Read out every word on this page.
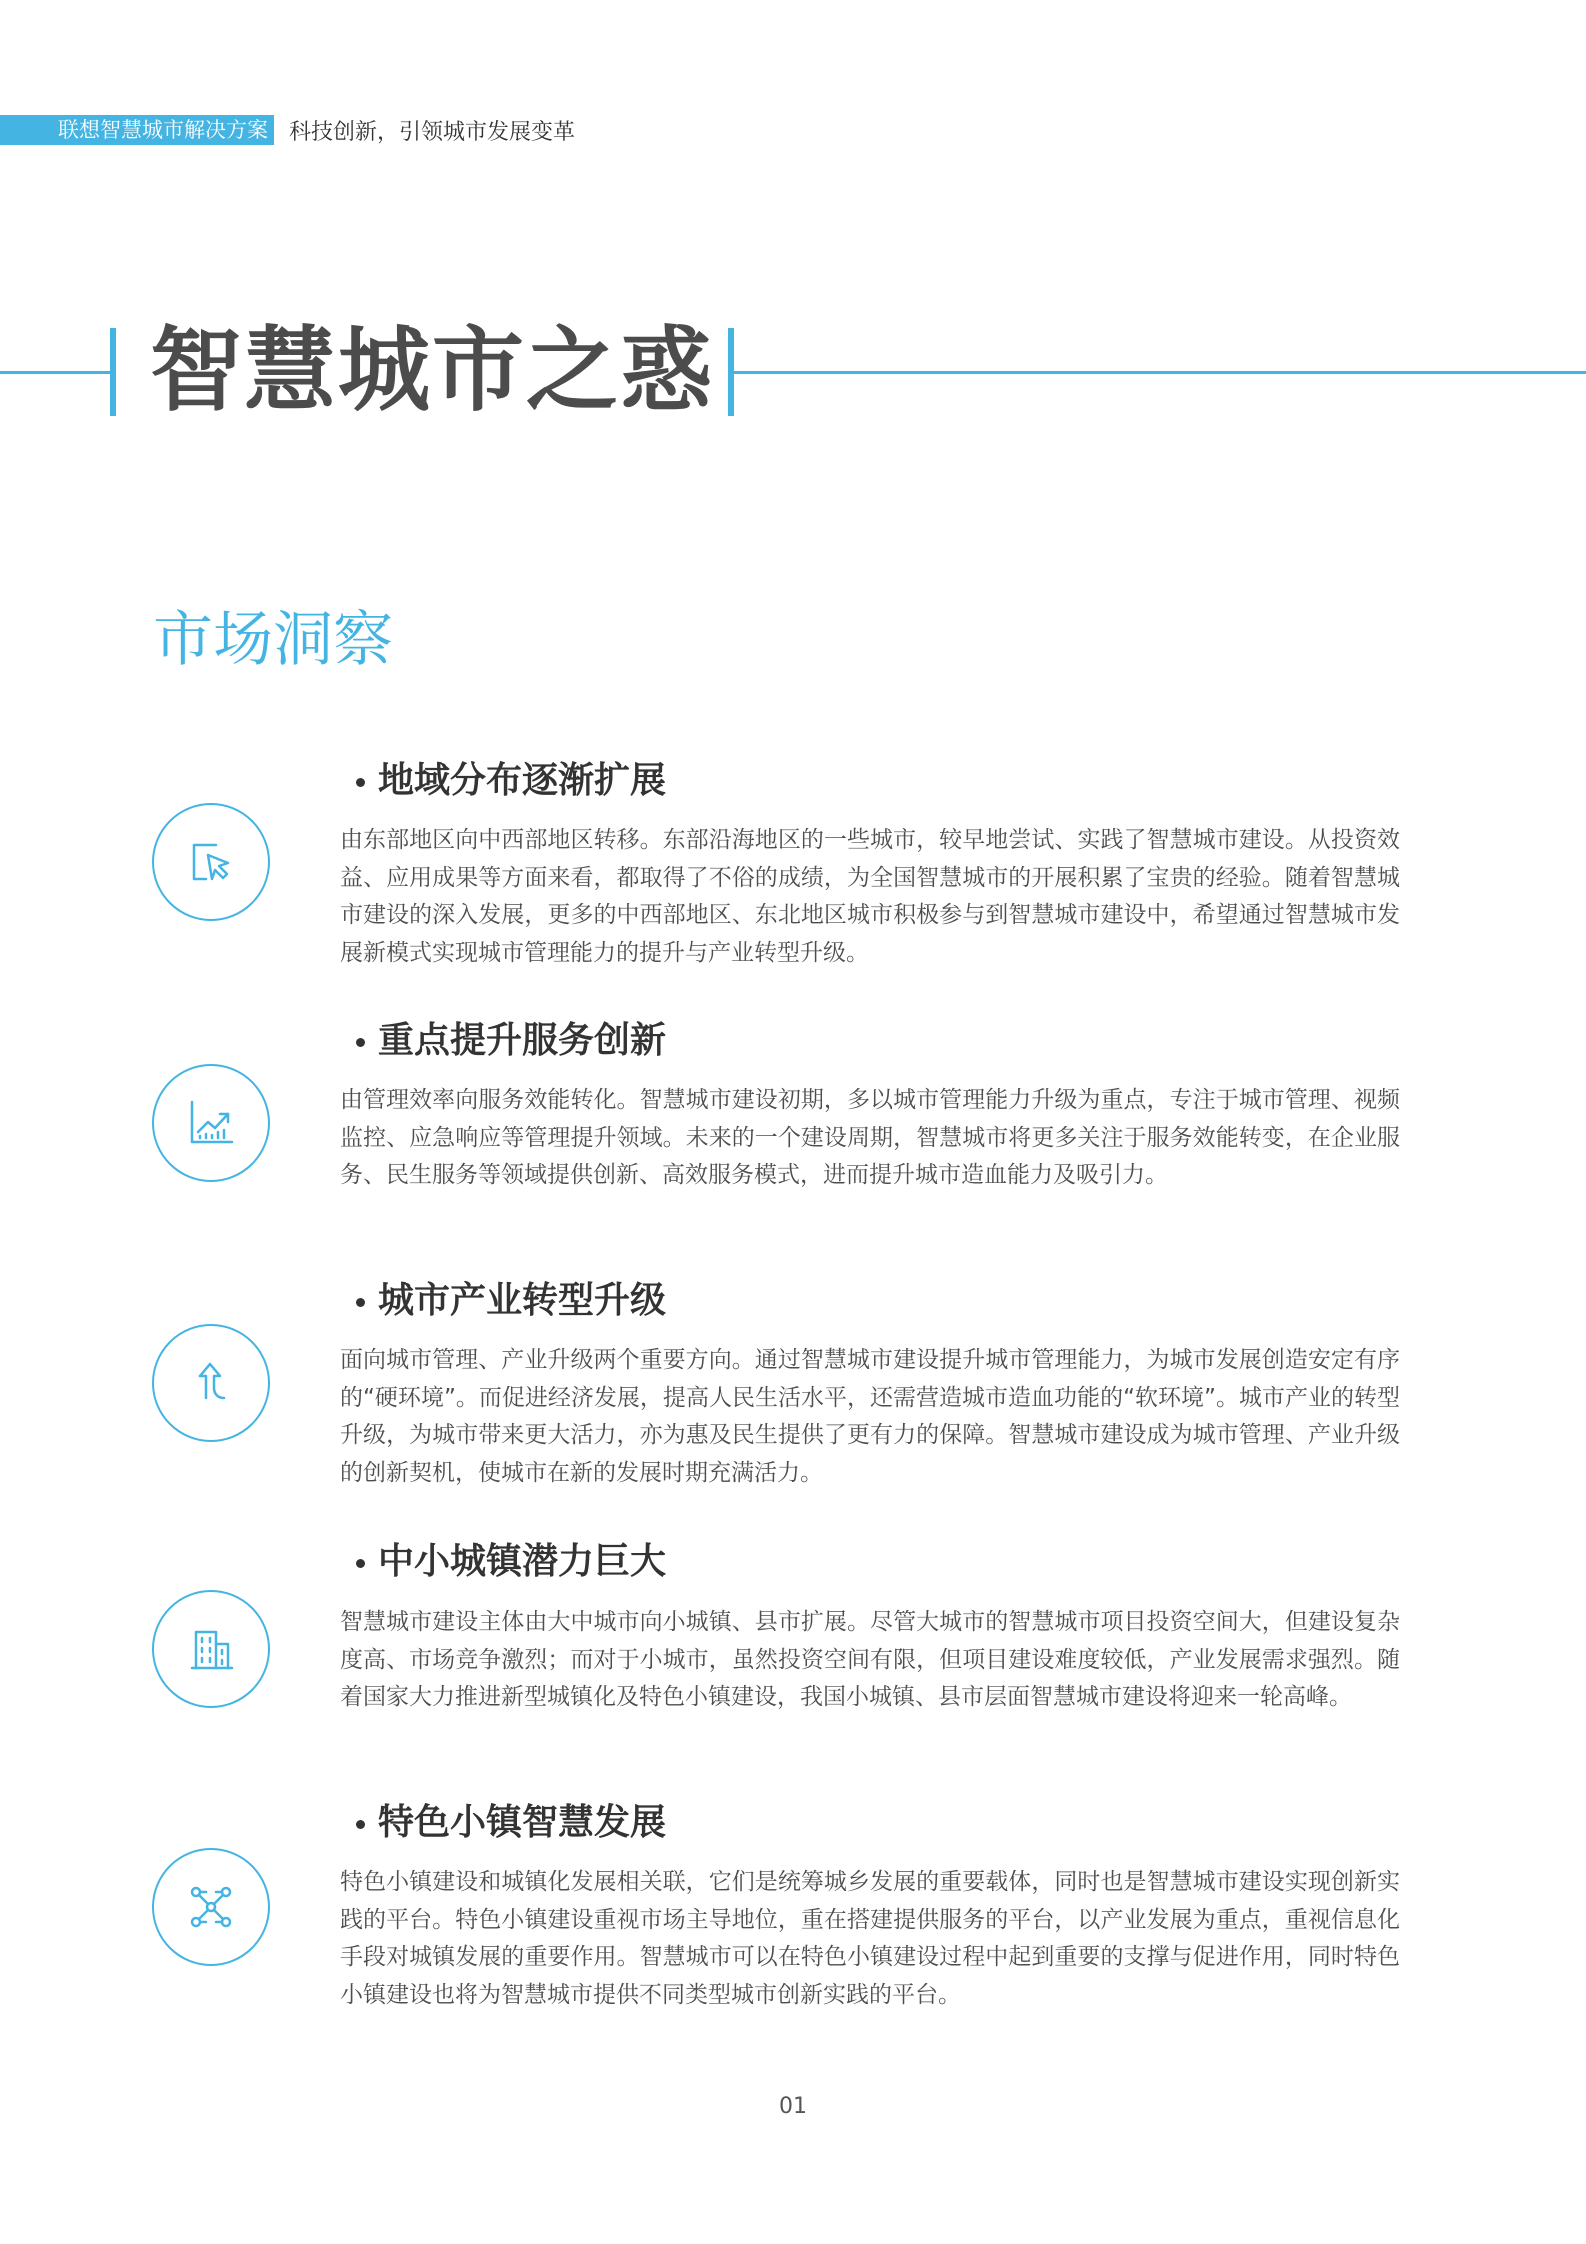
联想智慧城市解决方案 科技创新，引领城市发展变革
智慧城市之惑
市场洞察
地域分布逐渐扩展

由东部地区向中西部地区转移。东部沿海地区的一些城市，较早地尝试、实践了智慧城市建设。从投资效益、应用成果等方面来看，都取得了不俗的成绩，为全国智慧城市的开展积累了宝贵的经验。随着智慧城市建设的深入发展，更多的中西部地区、东北地区城市积极参与到智慧城市建设中，希望通过智慧城市发展新模式实现城市管理能力的提升与产业转型升级。

重点提升服务创新

由管理效率向服务效能转化。智慧城市建设初期，多以城市管理能力升级为重点，专注于城市管理、视频监控、应急响应等管理提升领域。未来的一个建设周期，智慧城市将更多关注于服务效能转变，在企业服务、民生服务等领域提供创新、高效服务模式，进而提升城市造血能力及吸引力。

城市产业转型升级

面向城市管理、产业升级两个重要方向。通过智慧城市建设提升城市管理能力，为城市发展创造安定有序的“硬环境”。而促进经济发展，提高人民生活水平，还需营造城市造血功能的“软环境”。城市产业的转型升级，为城市带来更大活力，亦为惠及民生提供了更有力的保障。智慧城市建设成为城市管理、产业升级的创新契机，使城市在新的发展时期充满活力。

中小城镇潜力巨大

智慧城市建设主体由大中城市向小城镇、县市扩展。尽管大城市的智慧城市项目投资空间大，但建设复杂度高、市场竞争激烈；而对于小城市，虽然投资空间有限，但项目建设难度较低，产业发展需求强烈。随着国家大力推进新型城镇化及特色小镇建设，我国小城镇、县市层面智慧城市建设将迎来一轮高峰。

特色小镇智慧发展

特色小镇建设和城镇化发展相关联，它们是统筹城乡发展的重要载体，同时也是智慧城市建设实现创新实践的平台。特色小镇建设重视市场主导地位，重在搭建提供服务的平台，以产业发展为重点，重视信息化手段对城镇发展的重要作用。智慧城市可以在特色小镇建设过程中起到重要的支撑与促进作用，同时特色小镇建设也将为智慧城市提供不同类型城市创新实践的平台。

01
